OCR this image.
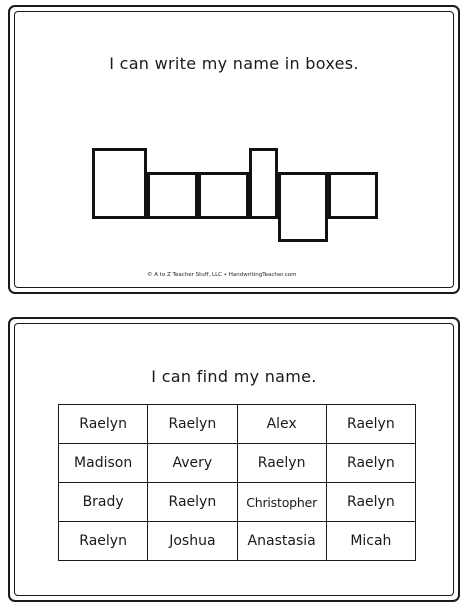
I can write my name in boxes.
© A to Z Teacher Stuff, LLC • HandwritingTeacher.com
I can find my name.
Raelyn	Raelyn	Alex	Raelyn
Madison	Avery	Raelyn	Raelyn
Brady	Raelyn	Christopher	Raelyn
Raelyn	Joshua	Anastasia	Micah
